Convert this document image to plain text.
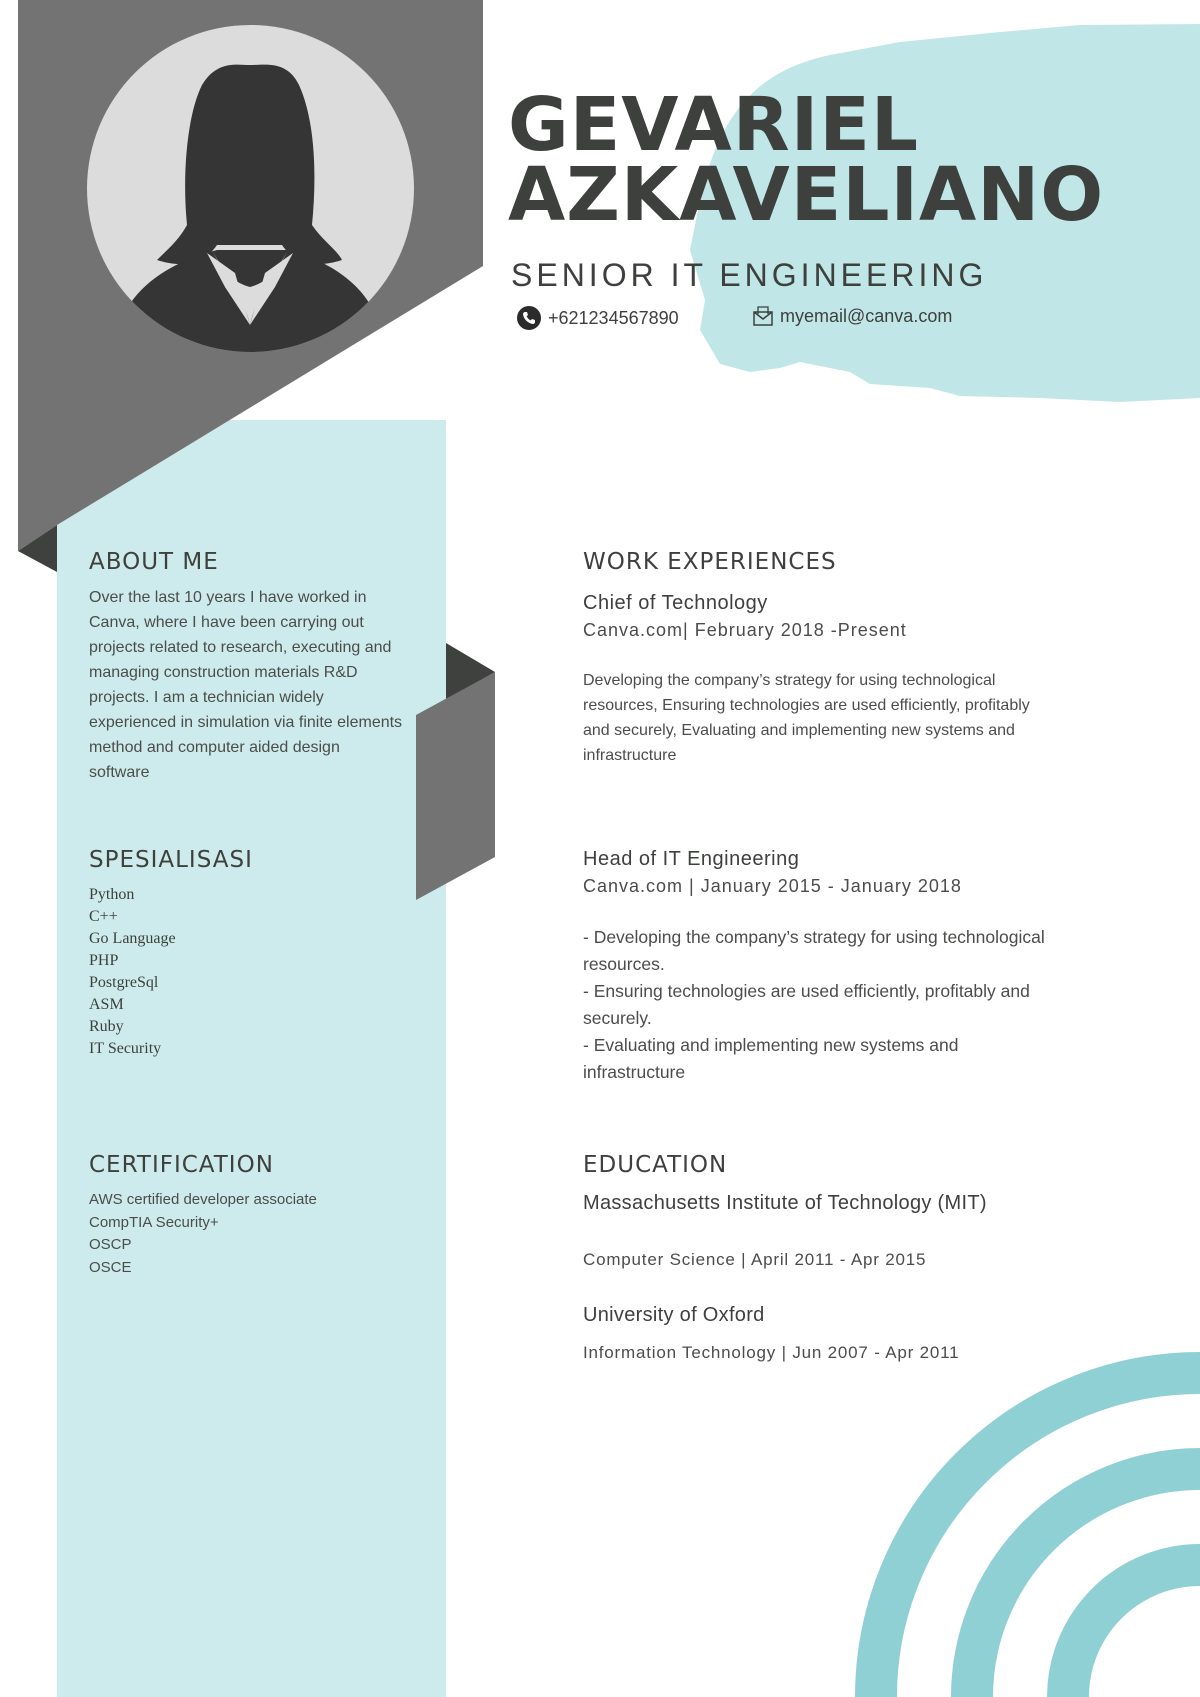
GEVARIEL
AZKAVELIANO
SENIOR IT ENGINEERING
+621234567890	myemail@canva.com
ABOUT ME

Over the last 10 years I have worked in Canva, where I have been carrying out projects related to research, executing and managing construction materials R&D projects. I am a technician widely experienced in simulation via finite elements method and computer aided design software

SPESIALISASI
Python
C++
Go Language
PHP
PostgreSql
ASM
Ruby
IT Security
CERTIFICATION
AWS certified developer associate
CompTIA Security+
OSCP
OSCE
WORK EXPERIENCES
Chief of Technology
Canva.com| February 2018 -Present

Developing the company’s strategy for using technological resources, Ensuring technologies are used efficiently, profitably and securely, Evaluating and implementing new systems and infrastructure

Head of IT Engineering
Canva.com | January 2015 - January 2018
- Developing the company’s strategy for using technological resources.
- Ensuring technologies are used efficiently, profitably and securely.
- Evaluating and implementing new systems and infrastructure
EDUCATION
Massachusetts Institute of Technology (MIT)
Computer Science | April 2011 - Apr 2015
University of Oxford
Information Technology | Jun 2007 - Apr 2011
